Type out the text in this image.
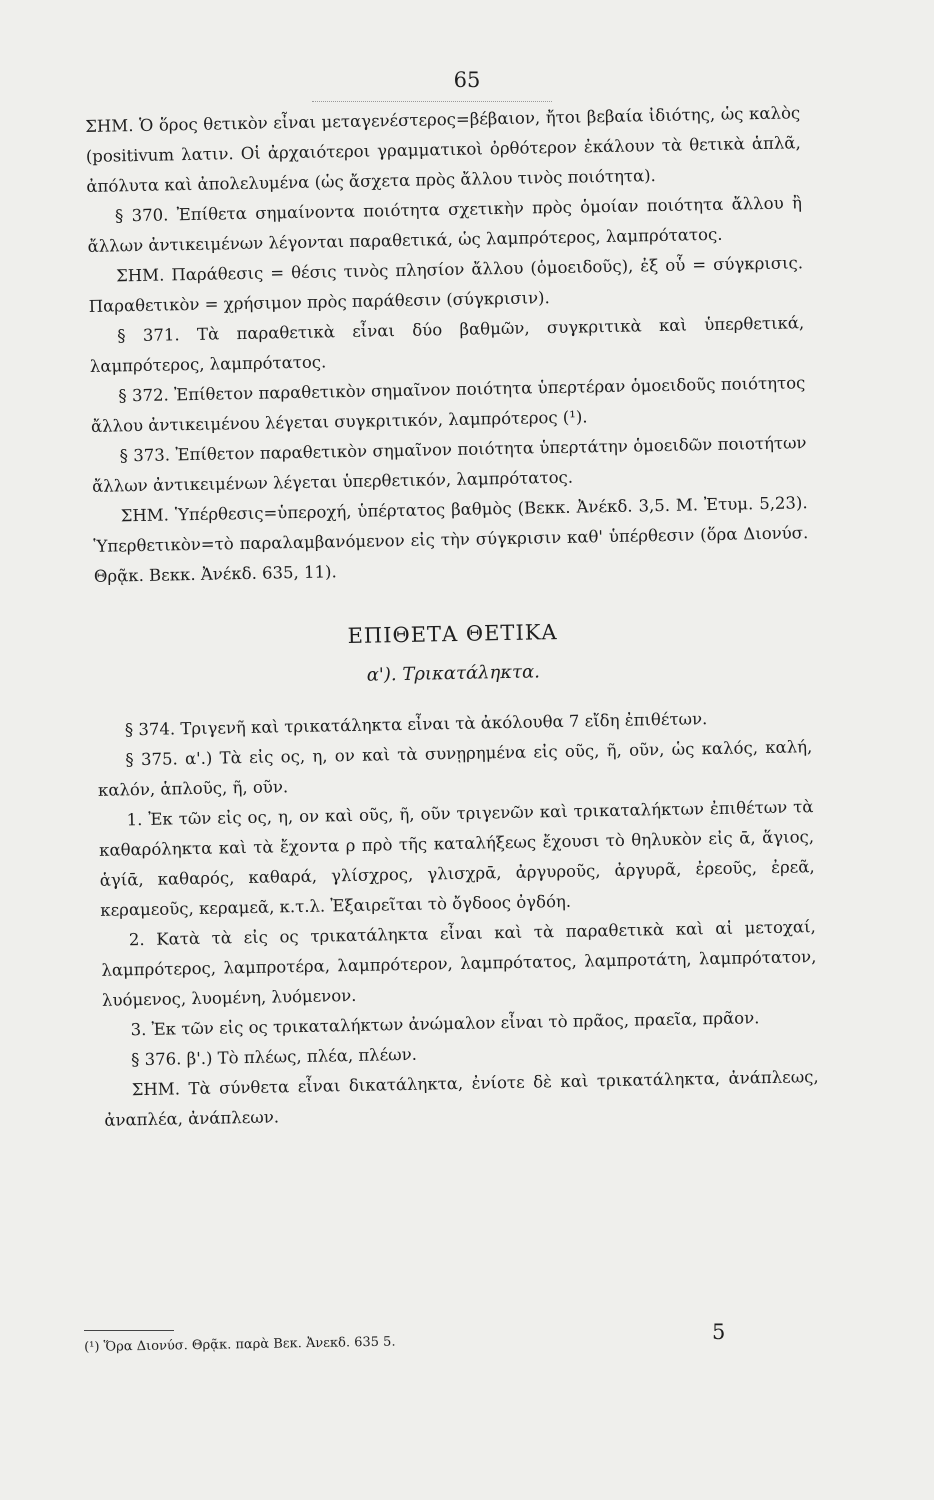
65

ΣΗΜ. Ὁ ὅρος θετικὸν εἶναι μεταγενέστερος=βέβαιον, ἤτοι βεβαία ἰδιότης, ὡς καλὸς (positivum λατιν. Οἱ ἀρχαιότεροι γραμματικοὶ ὀρθότερον ἐκάλουν τὰ θετικὰ ἁπλᾶ, ἀπόλυτα καὶ ἀπολελυμένα (ὡς ἄσχετα πρὸς ἄλλου τινὸς ποιότητα).

§ 370. Ἐπίθετα σημαίνοντα ποιότητα σχετικὴν πρὸς ὁμοίαν ποιότητα ἄλλου ἢ ἄλλων ἀντικειμένων λέγονται παραθετικά, ὡς λαμπρότερος, λαμπρότατος.

ΣΗΜ. Παράθεσις = θέσις τινὸς πλησίον ἄλλου (ὁμοειδοῦς), ἐξ οὗ = σύγκρισις. Παραθετικὸν = χρήσιμον πρὸς παράθεσιν (σύγκρισιν).

§ 371. Τὰ παραθετικὰ εἶναι δύο βαθμῶν, συγκριτικὰ καὶ ὑπερθετικά, λαμπρότερος, λαμπρότατος.

§ 372. Ἐπίθετον παραθετικὸν σημαῖνον ποιότητα ὑπερτέραν ὁμοειδοῦς ποιότητος ἄλλου ἀντικειμένου λέγεται συγκριτικόν, λαμπρότερος (¹).

§ 373. Ἐπίθετον παραθετικὸν σημαῖνον ποιότητα ὑπερτάτην ὁμοειδῶν ποιοτήτων ἄλλων ἀντικειμένων λέγεται ὑπερθετικόν, λαμπρότατος.

ΣΗΜ. Ὑπέρθεσις=ὑπεροχή, ὑπέρτατος βαθμὸς (Βεκκ. Ἀνέκδ. 3,5. Μ. Ἐτυμ. 5,23). Ὑπερθετικὸν=τὸ παραλαμβανόμενον εἰς τὴν σύγκρισιν καθ' ὑπέρθεσιν (ὅρα Διονύσ. Θρᾷκ. Βεκκ. Ἀνέκδ. 635, 11).

ΕΠΙΘΕΤΑ ΘΕΤΙΚΑ
α'). Τρικατάληκτα.

§ 374. Τριγενῆ καὶ τρικατάληκτα εἶναι τὰ ἀκόλουθα 7 εἴδη ἐπιθέτων.

§ 375. α'.) Τὰ εἰς ος, η, ον καὶ τὰ συνῃρημένα εἰς οῦς, ῆ, οῦν, ὡς καλός, καλή, καλόν, ἁπλοῦς, ῆ, οῦν.

1. Ἐκ τῶν εἰς ος, η, ον καὶ οῦς, ῆ, οῦν τριγενῶν καὶ τρικαταλήκτων ἐπιθέτων τὰ καθαρόληκτα καὶ τὰ ἔχοντα ρ πρὸ τῆς καταλήξεως ἔχουσι τὸ θηλυκὸν εἰς ᾱ, ἅγιος, ἁγίᾱ, καθαρός, καθαρά, γλίσχρος, γλισχρᾱ, ἀργυροῦς, ἀργυρᾶ, ἐρεοῦς, ἐρεᾶ, κεραμεοῦς, κεραμεᾶ, κ.τ.λ. Ἐξαιρεῖται τὸ ὄγδοος ὀγδόη.

2. Κατὰ τὰ εἰς ος τρικατάληκτα εἶναι καὶ τὰ παραθετικὰ καὶ αἱ μετοχαί, λαμπρότερος, λαμπροτέρα, λαμπρότερον, λαμπρότατος, λαμπροτάτη, λαμπρότατον, λυόμενος, λυομένη, λυόμενον.

3. Ἐκ τῶν εἰς ος τρικαταλήκτων ἀνώμαλον εἶναι τὸ πρᾶος, πραεῖα, πρᾶον.

§ 376. β'.) Τὸ πλέως, πλέα, πλέων.

ΣΗΜ. Τὰ σύνθετα εἶναι δικατάληκτα, ἐνίοτε δὲ καὶ τρικατάληκτα, ἀνάπλεως, ἀναπλέα, ἀνάπλεων.

(¹) Ὅρα Διονύσ. Θρᾷκ. παρὰ Βεκ. Ἀνεκδ. 635 5.
5
